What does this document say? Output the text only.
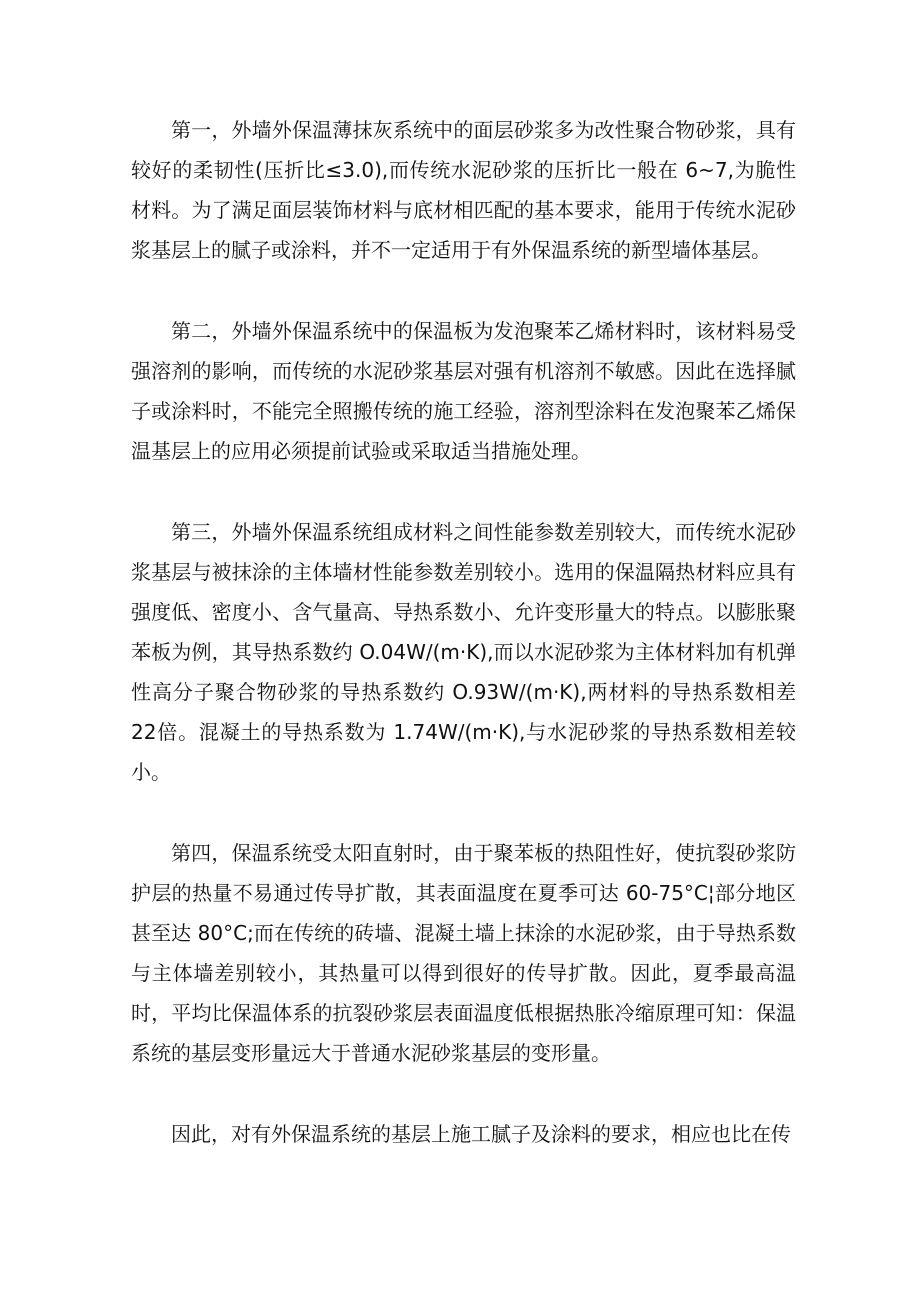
第一，外墙外保温薄抹灰系统中的面层砂浆多为改性聚合物砂浆，具有较好的柔韧性(压折比≤3.0),而传统水泥砂浆的压折比一般在 6~7,为脆性材料。为了满足面层装饰材料与底材相匹配的基本要求，能用于传统水泥砂浆基层上的腻子或涂料，并不一定适用于有外保温系统的新型墙体基层。

第二，外墙外保温系统中的保温板为发泡聚苯乙烯材料时，该材料易受强溶剂的影响，而传统的水泥砂浆基层对强有机溶剂不敏感。因此在选择腻子或涂料时，不能完全照搬传统的施工经验，溶剂型涂料在发泡聚苯乙烯保温基层上的应用必须提前试验或采取适当措施处理。

第三，外墙外保温系统组成材料之间性能参数差别较大，而传统水泥砂浆基层与被抹涂的主体墙材性能参数差别较小。选用的保温隔热材料应具有强度低、密度小、含气量高、导热系数小、允许变形量大的特点。以膨胀聚苯板为例，其导热系数约 O.04W/(m·K),而以水泥砂浆为主体材料加有机弹性高分子聚合物砂浆的导热系数约 O.93W/(m·K),两材料的导热系数相差 22倍。混凝土的导热系数为 1.74W/(m·K),与水泥砂浆的导热系数相差较小。

第四，保温系统受太阳直射时，由于聚苯板的热阻性好，使抗裂砂浆防护层的热量不易通过传导扩散，其表面温度在夏季可达 60-75°C¦部分地区甚至达 80°C;而在传统的砖墙、混凝土墙上抹涂的水泥砂浆，由于导热系数与主体墙差别较小，其热量可以得到很好的传导扩散。因此，夏季最高温时，平均比保温体系的抗裂砂浆层表面温度低根据热胀冷缩原理可知：保温系统的基层变形量远大于普通水泥砂浆基层的变形量。

因此，对有外保温系统的基层上施工腻子及涂料的要求，相应也比在传
